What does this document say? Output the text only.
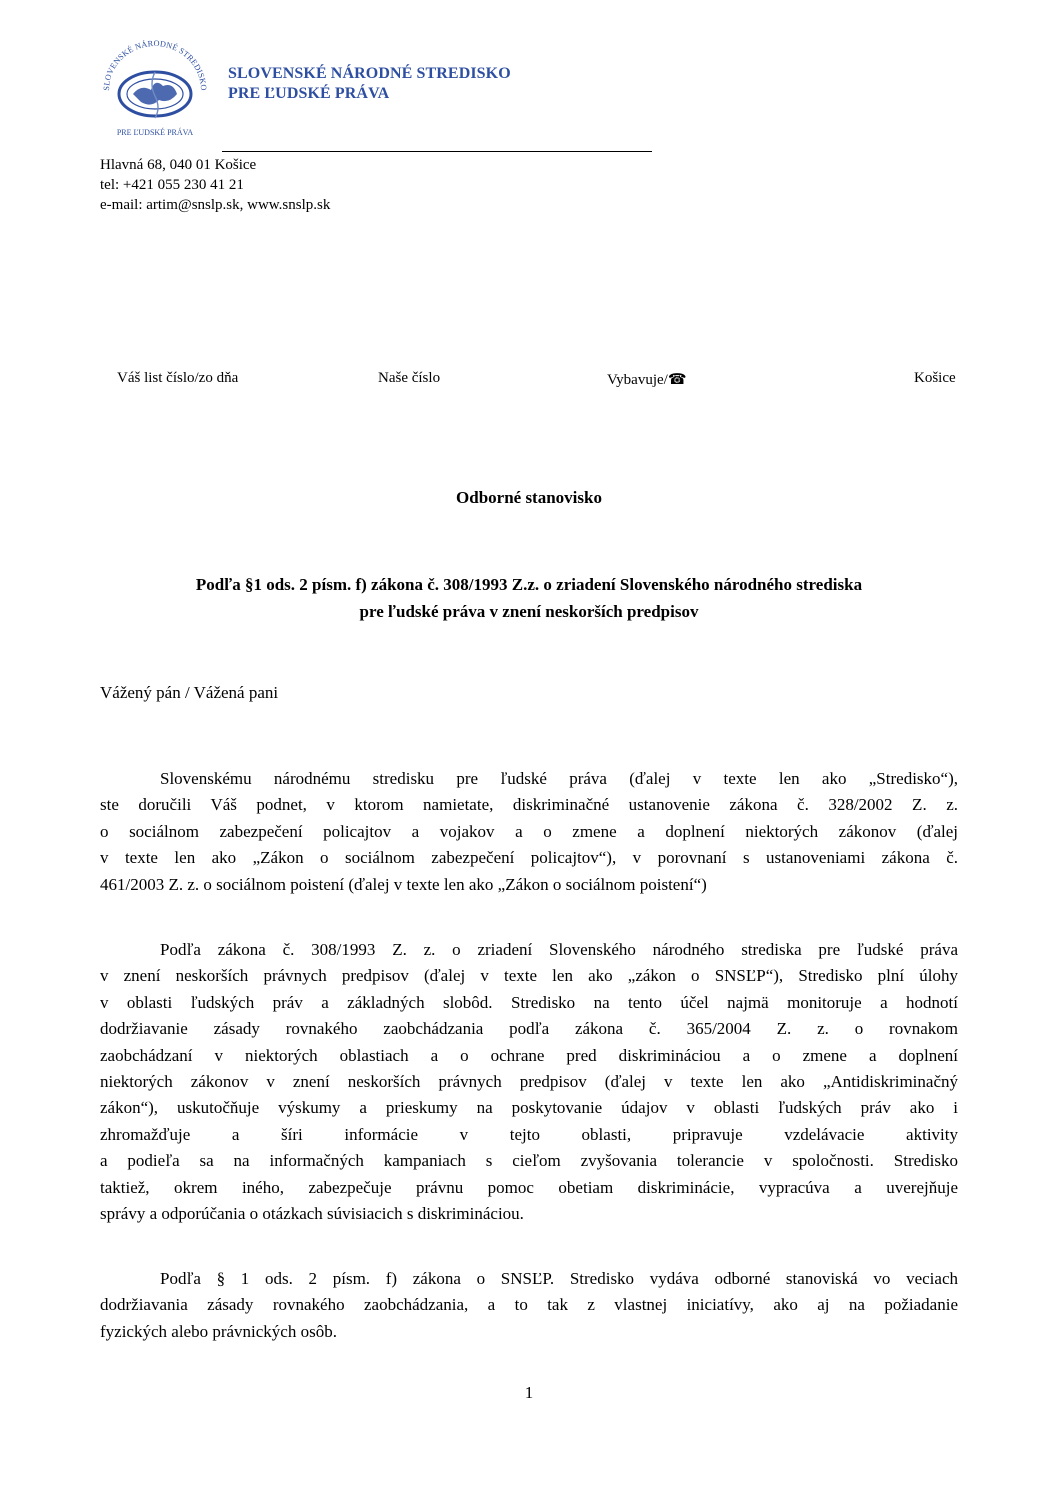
SLOVENSKÉ NÁRODNÉ STREDISKO
PRE ĽUDSKÉ PRÁVA
SLOVENSKÉ NÁRODNÉ STREDISKO
PRE ĽUDSKÉ PRÁVA
Hlavná 68, 040 01 Košice
tel: +421 055 230 41 21
e-mail: artim@snslp.sk, www.snslp.sk
Váš list číslo/zo dňa	Naše číslo	Vybavuje/☎	Košice
Odborné stanovisko
Podľa §1 ods. 2 písm. f) zákona č. 308/1993 Z.z. o zriadení Slovenského národného strediska
pre ľudské práva v znení neskorších predpisov
Vážený pán / Vážená pani
Slovenskému národnému stredisku pre ľudské práva (ďalej v texte len ako „Stredisko“),
ste doručili Váš podnet, v ktorom namietate, diskriminačné ustanovenie zákona č. 328/2002 Z. z.
o sociálnom zabezpečení policajtov a vojakov a o zmene a doplnení niektorých zákonov (ďalej
v texte len ako „Zákon o sociálnom zabezpečení policajtov“), v porovnaní s ustanoveniami zákona č.
461/2003 Z. z. o sociálnom poistení (ďalej v texte len ako „Zákon o sociálnom poistení“)
Podľa zákona č. 308/1993 Z. z. o zriadení Slovenského národného strediska pre ľudské práva
v znení neskorších právnych predpisov (ďalej v texte len ako „zákon o SNSĽP“), Stredisko plní úlohy
v oblasti ľudských práv a základných slobôd. Stredisko na tento účel najmä monitoruje a hodnotí
dodržiavanie zásady rovnakého zaobchádzania podľa zákona č. 365/2004 Z. z. o rovnakom
zaobchádzaní v niektorých oblastiach a o ochrane pred diskrimináciou a o zmene a doplnení
niektorých zákonov v znení neskorších právnych predpisov (ďalej v texte len ako „Antidiskriminačný
zákon“), uskutočňuje výskumy a prieskumy na poskytovanie údajov v oblasti ľudských práv ako i
zhromažďuje a šíri informácie v tejto oblasti, pripravuje vzdelávacie aktivity
a podieľa sa na informačných kampaniach s cieľom zvyšovania tolerancie v spoločnosti. Stredisko
taktiež, okrem iného, zabezpečuje právnu pomoc obetiam diskriminácie, vypracúva a uverejňuje
správy a odporúčania o otázkach súvisiacich s diskrimináciou.
Podľa § 1 ods. 2 písm. f) zákona o SNSĽP. Stredisko vydáva odborné stanoviská vo veciach
dodržiavania zásady rovnakého zaobchádzania, a to tak z vlastnej iniciatívy, ako aj na požiadanie
fyzických alebo právnických osôb.
1
